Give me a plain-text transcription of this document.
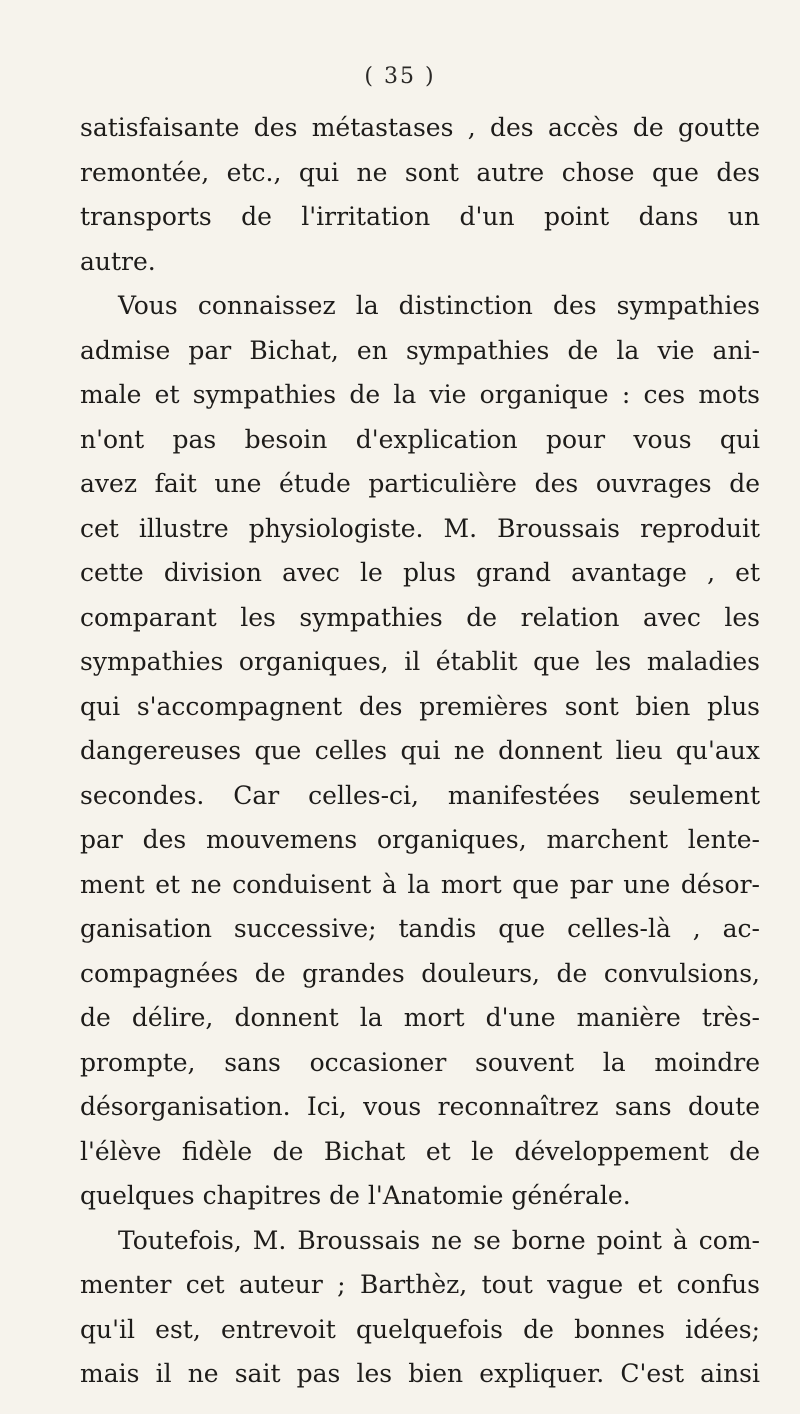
( 35 )
satisfaisante des métastases , des accès de goutte
remontée, etc., qui ne sont autre chose que des
transports de l'irritation d'un point dans un
autre.
Vous connaissez la distinction des sympathies
admise par Bichat, en sympathies de la vie ani-
male et sympathies de la vie organique : ces mots
n'ont pas besoin d'explication pour vous qui
avez fait une étude particulière des ouvrages de
cet illustre physiologiste. M. Broussais reproduit
cette division avec le plus grand avantage , et
comparant les sympathies de relation avec les
sympathies organiques, il établit que les maladies
qui s'accompagnent des premières sont bien plus
dangereuses que celles qui ne donnent lieu qu'aux
secondes. Car celles-ci, manifestées seulement
par des mouvemens organiques, marchent lente-
ment et ne conduisent à la mort que par une désor-
ganisation successive; tandis que celles-là , ac-
compagnées de grandes douleurs, de convulsions,
de délire, donnent la mort d'une manière très-
prompte, sans occasioner souvent la moindre
désorganisation. Ici, vous reconnaîtrez sans doute
l'élève fidèle de Bichat et le développement de
quelques chapitres de l'Anatomie générale.
Toutefois, M. Broussais ne se borne point à com-
menter cet auteur ; Barthèz, tout vague et confus
qu'il est, entrevoit quelquefois de bonnes idées;
mais il ne sait pas les bien expliquer. C'est ainsi
